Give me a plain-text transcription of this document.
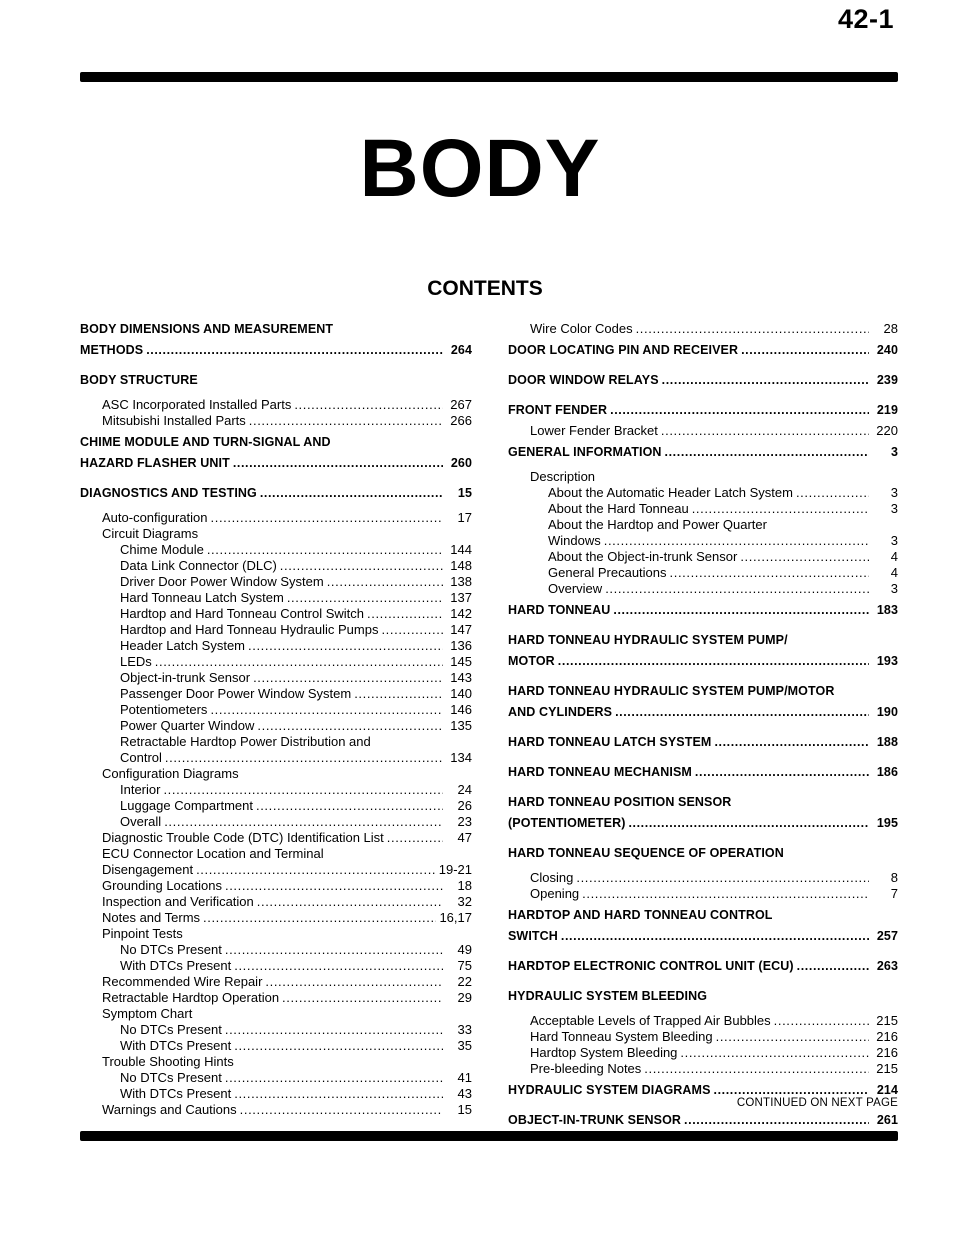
42-1
BODY
CONTENTS
BODY DIMENSIONS AND MEASUREMENT
METHODS .....	264
BODY STRUCTURE
ASC Incorporated Installed Parts .....	267
Mitsubishi Installed Parts .....	266
CHIME MODULE AND TURN-SIGNAL AND
HAZARD FLASHER UNIT .....	260
DIAGNOSTICS AND TESTING .....	15
Auto-configuration .....	17
Circuit Diagrams
Chime Module .....	144
Data Link Connector (DLC) .....	148
Driver Door Power Window System .....	138
Hard Tonneau Latch System .....	137
Hardtop and Hard Tonneau Control Switch .....	142
Hardtop and Hard Tonneau Hydraulic Pumps .....	147
Header Latch System .....	136
LEDs .....	145
Object-in-trunk Sensor .....	143
Passenger Door Power Window System .....	140
Potentiometers .....	146
Power Quarter Window .....	135
Retractable Hardtop Power Distribution and
Control .....	134
Configuration Diagrams
Interior .....	24
Luggage Compartment .....	26
Overall .....	23
Diagnostic Trouble Code (DTC) Identification List .....	47
ECU Connector Location and Terminal
Disengagement .....	19-21
Grounding Locations .....	18
Inspection and Verification .....	32
Notes and Terms .....	16,17
Pinpoint Tests
No DTCs Present .....	49
With DTCs Present .....	75
Recommended Wire Repair .....	22
Retractable Hardtop Operation .....	29
Symptom Chart
No DTCs Present .....	33
With DTCs Present .....	35
Trouble Shooting Hints
No DTCs Present .....	41
With DTCs Present .....	43
Warnings and Cautions .....	15
Wire Color Codes .....	28
DOOR LOCATING PIN AND RECEIVER .....	240
DOOR WINDOW RELAYS .....	239
FRONT FENDER .....	219
Lower Fender Bracket .....	220
GENERAL INFORMATION .....	3
Description
About the Automatic Header Latch System .....	3
About the Hard Tonneau .....	3
About the Hardtop and Power Quarter
Windows .....	3
About the Object-in-trunk Sensor .....	4
General Precautions .....	4
Overview .....	3
HARD TONNEAU .....	183
HARD TONNEAU HYDRAULIC SYSTEM PUMP/
MOTOR .....	193
HARD TONNEAU HYDRAULIC SYSTEM PUMP/MOTOR
AND CYLINDERS .....	190
HARD TONNEAU LATCH SYSTEM .....	188
HARD TONNEAU MECHANISM .....	186
HARD TONNEAU POSITION SENSOR
(POTENTIOMETER) .....	195
HARD TONNEAU SEQUENCE OF OPERATION
Closing .....	8
Opening .....	7
HARDTOP AND HARD TONNEAU CONTROL
SWITCH .....	257
HARDTOP ELECTRONIC CONTROL UNIT (ECU) .....	263
HYDRAULIC SYSTEM BLEEDING
Acceptable Levels of Trapped Air Bubbles .....	215
Hard Tonneau System Bleeding .....	216
Hardtop System Bleeding .....	216
Pre-bleeding Notes .....	215
HYDRAULIC SYSTEM DIAGRAMS .....	214
OBJECT-IN-TRUNK SENSOR .....	261
CONTINUED ON NEXT PAGE
